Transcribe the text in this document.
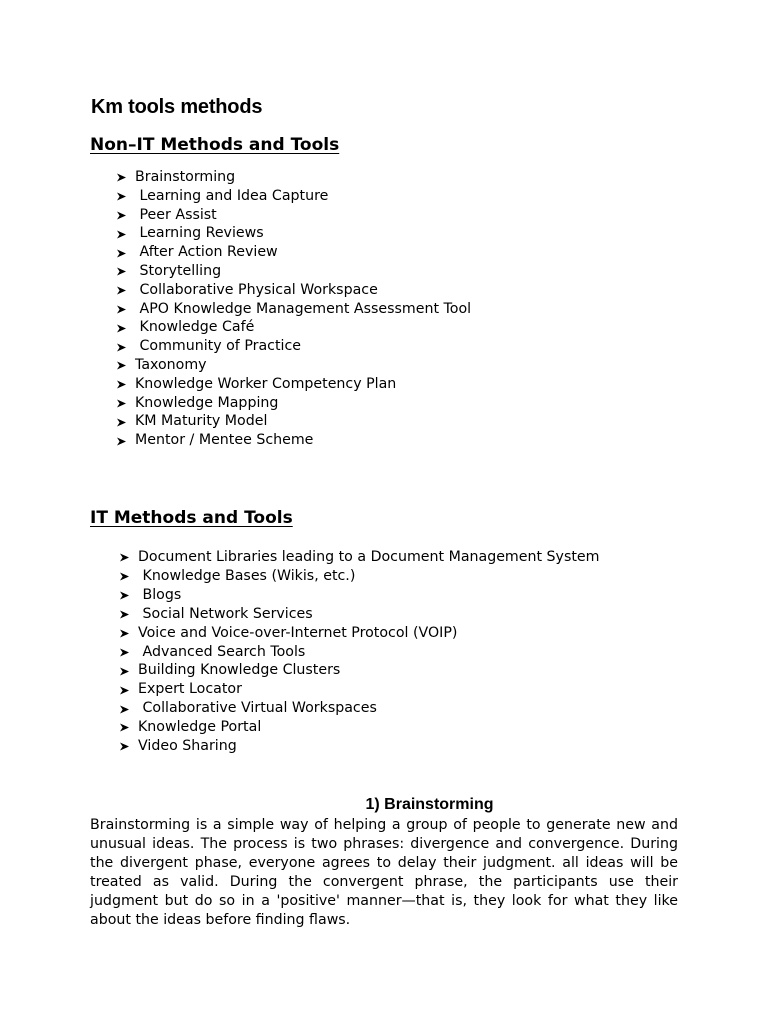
Km tools methods
Non–IT Methods and Tools
Brainstorming
Learning and Idea Capture
Peer Assist
Learning Reviews
After Action Review
Storytelling
Collaborative Physical Workspace
APO Knowledge Management Assessment Tool
Knowledge Café
Community of Practice
Taxonomy
Knowledge Worker Competency Plan
Knowledge Mapping
KM Maturity Model
Mentor / Mentee Scheme
IT Methods and Tools
Document Libraries leading to a Document Management System
Knowledge Bases (Wikis, etc.)
Blogs
Social Network Services
Voice and Voice-over-Internet Protocol (VOIP)
Advanced Search Tools
Building Knowledge Clusters
Expert Locator
Collaborative Virtual Workspaces
Knowledge Portal
Video Sharing
1) Brainstorming

Brainstorming is a simple way of helping a group of people to generate new and unusual ideas. The process is two phrases: divergence and convergence. During the divergent phase, everyone agrees to delay their judgment. all ideas will be treated as valid. During the convergent phrase, the participants use their judgment but do so in a 'positive' manner—that is, they look for what they like about the ideas before finding flaws.
